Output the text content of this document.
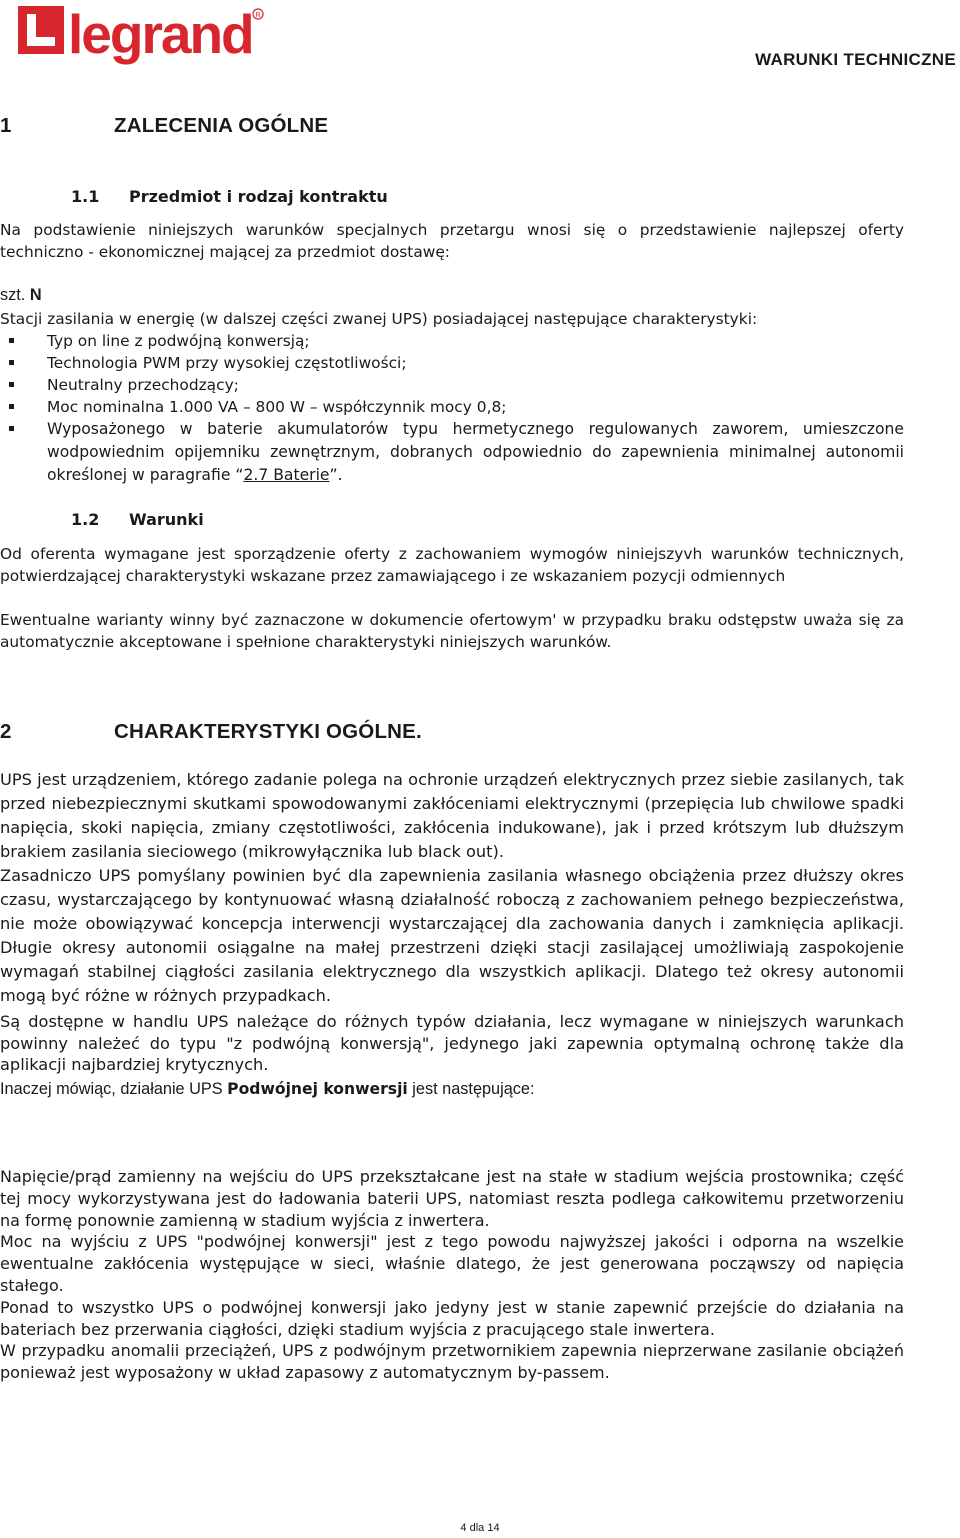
legrand R
WARUNKI TECHNICZNE
1	ZALECENIA OGÓLNE
1.1 Przedmiot i rodzaj kontraktu
Na podstawienie niniejszych warunków specjalnych przetargu wnosi się o przedstawienie najlepszej oferty techniczno - ekonomicznej mającej za przedmiot dostawę:
szt. N
Stacji zasilania w energię (w dalszej części zwanej UPS) posiadającej następujące charakterystyki:
Typ on line z podwójną konwersją;
Technologia PWM przy wysokiej częstotliwości;
Neutralny przechodzący;
Moc nominalna 1.000 VA – 800 W – współczynnik mocy 0,8;
Wyposażonego w baterie akumulatorów typu hermetycznego regulowanych zaworem, umieszczone wodpowiednim opijemniku zewnętrznym, dobranych odpowiednio do zapewnienia minimalnej autonomii określonej w paragrafie “2.7 Baterie”.
1.2 Warunki
Od oferenta wymagane jest sporządzenie oferty z zachowaniem wymogów niniejszyvh warunków technicznych, potwierdzającej charakterystyki wskazane przez zamawiającego i ze wskazaniem pozycji odmiennych
Ewentualne warianty winny być zaznaczone w dokumencie ofertowym' w przypadku braku odstępstw uważa się za automatycznie akceptowane i spełnione charakterystyki niniejszych warunków.
2	CHARAKTERYSTYKI OGÓLNE.

UPS jest urządzeniem, którego zadanie polega na ochronie urządzeń elektrycznych przez siebie zasilanych, tak przed niebezpiecznymi skutkami spowodowanymi zakłóceniami elektrycznymi (przepięcia lub chwilowe spadki napięcia, skoki napięcia, zmiany częstotliwości, zakłócenia indukowane), jak i przed krótszym lub dłuższym brakiem zasilania sieciowego (mikrowyłącznika lub black out).

Zasadniczo UPS pomyślany powinien być dla zapewnienia zasilania własnego obciążenia przez dłuższy okres czasu, wystarczającego by kontynuować własną działalność roboczą z zachowaniem pełnego bezpieczeństwa, nie może obowiązywać koncepcja interwencji wystarczającej dla zachowania danych i zamknięcia aplikacji. Długie okresy autonomii osiągalne na małej przestrzeni dzięki stacji zasilającej umożliwiają zaspokojenie wymagań stabilnej ciągłości zasilania elektrycznego dla wszystkich aplikacji. Dlatego też okresy autonomii mogą być różne w różnych przypadkach.

Są dostępne w handlu UPS należące do różnych typów działania, lecz wymagane w niniejszych warunkach powinny należeć do typu "z podwójną konwersją", jedynego jaki zapewnia optymalną ochronę także dla aplikacji najbardziej krytycznych.

Inaczej mówiąc, działanie UPS Podwójnej konwersji jest następujące:

Napięcie/prąd zamienny na wejściu do UPS przekształcane jest na stałe w stadium wejścia prostownika; część tej mocy wykorzystywana jest do ładowania baterii UPS, natomiast reszta podlega całkowitemu przetworzeniu na formę ponownie zamienną w stadium wyjścia z inwertera.

Moc na wyjściu z UPS "podwójnej konwersji" jest z tego powodu najwyższej jakości i odporna na wszelkie ewentualne zakłócenia występujące w sieci, właśnie dlatego, że jest generowana począwszy od napięcia stałego.

Ponad to wszystko UPS o podwójnej konwersji jako jedyny jest w stanie zapewnić przejście do działania na bateriach bez przerwania ciągłości, dzięki stadium wyjścia z pracującego stale inwertera.

W przypadku anomalii przeciążeń, UPS z podwójnym przetwornikiem zapewnia nieprzerwane zasilanie obciążeń ponieważ jest wyposażony w układ zapasowy z automatycznym by-passem.

4 dla 14
